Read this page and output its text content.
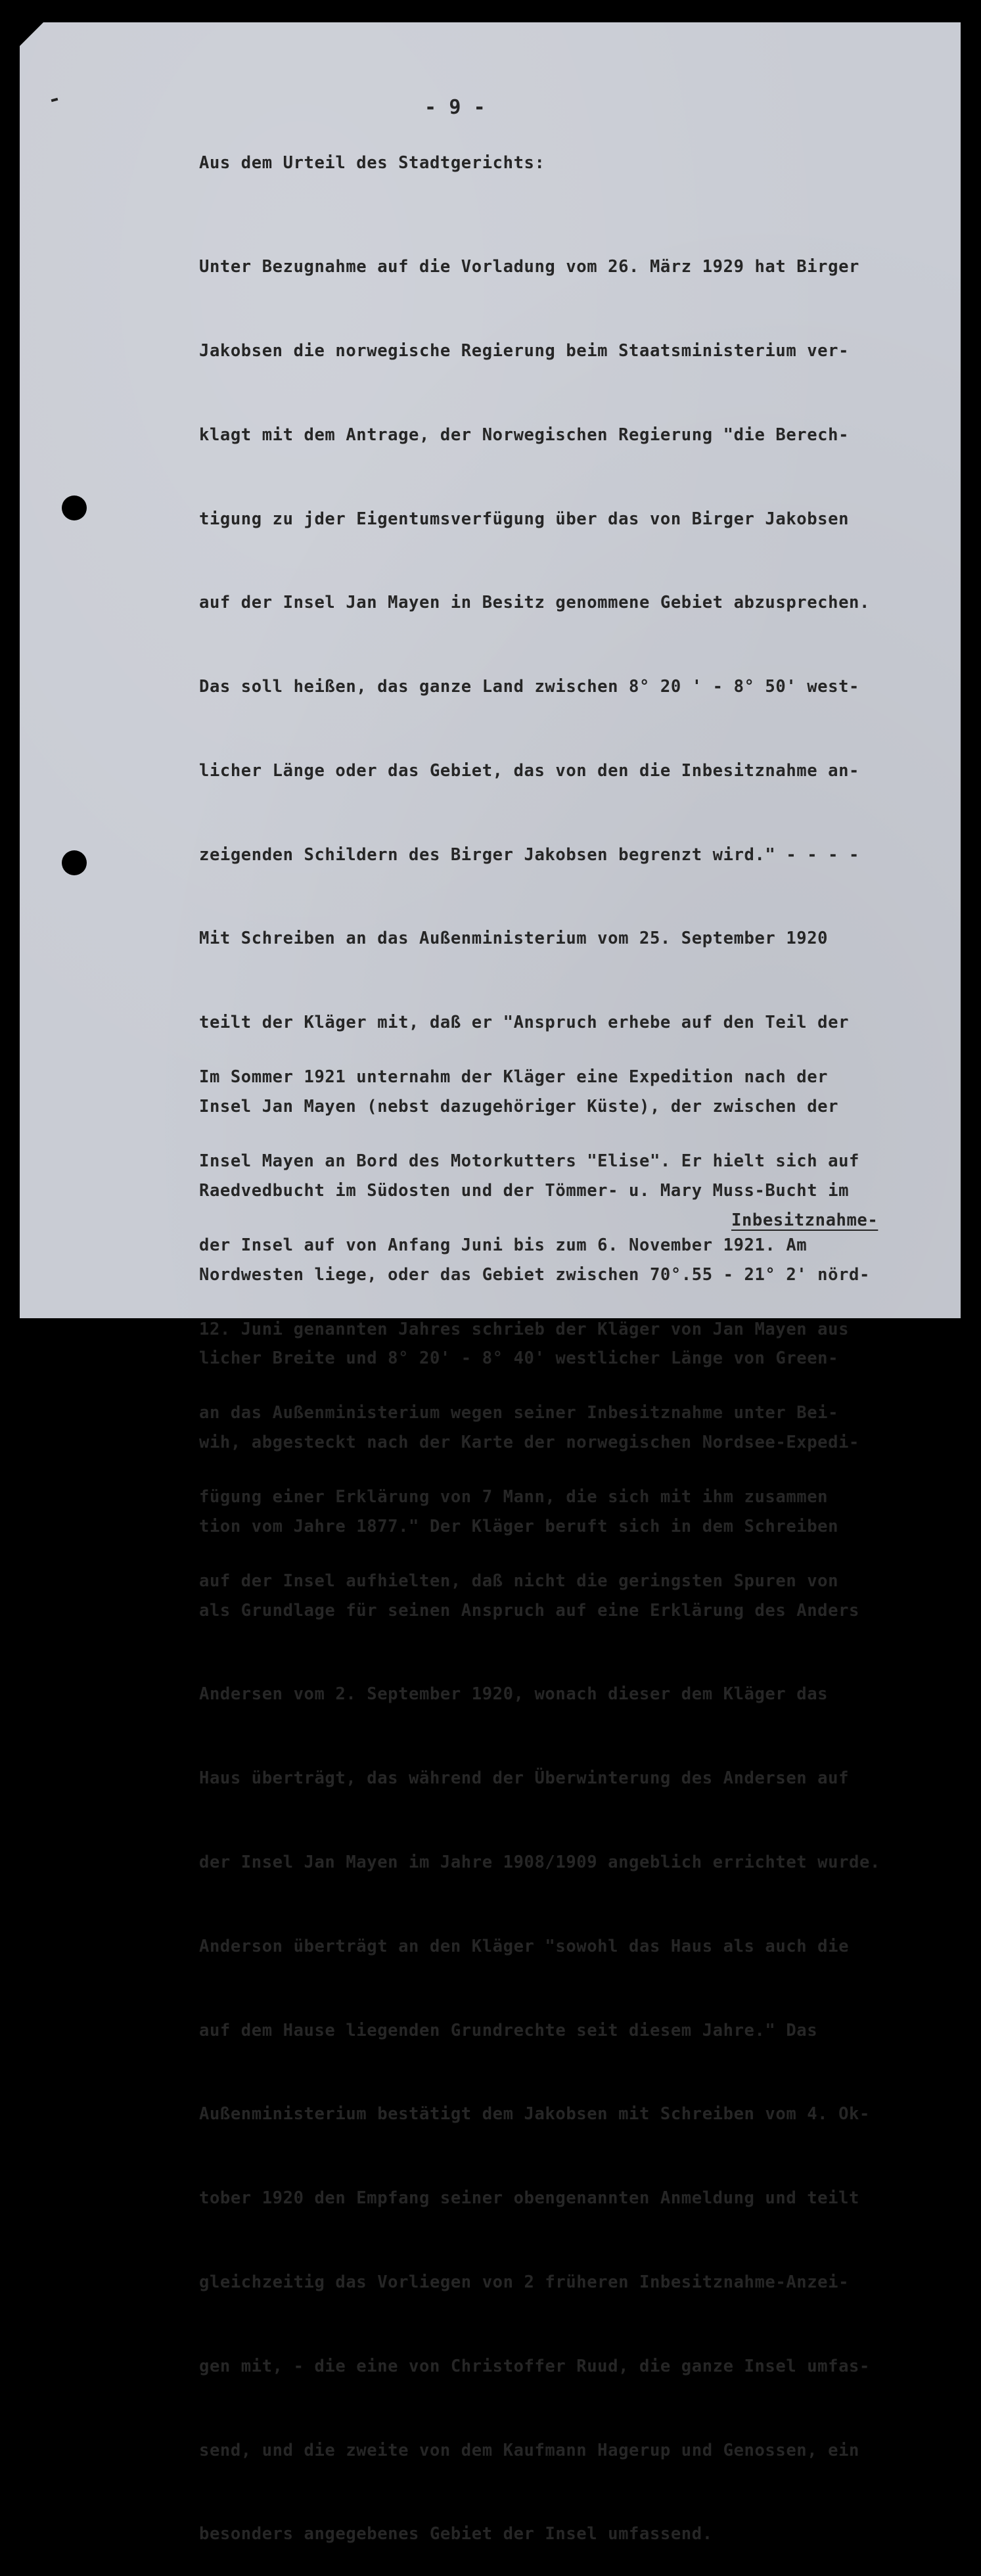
- 9 -
Aus dem Urteil des Stadtgerichts:

Unter Bezugnahme auf die Vorladung vom 26. März 1929 hat Birger

Jakobsen die norwegische Regierung beim Staatsministerium ver-

klagt mit dem Antrage, der Norwegischen Regierung "die Berech-

tigung zu jder Eigentumsverfügung über das von Birger Jakobsen

auf der Insel Jan Mayen in Besitz genommene Gebiet abzusprechen.

Das soll heißen, das ganze Land zwischen 8° 20 ' - 8° 50' west-

licher Länge oder das Gebiet, das von den die Inbesitznahme an-

zeigenden Schildern des Birger Jakobsen begrenzt wird." - - - -

Mit Schreiben an das Außenministerium vom 25. September 1920

teilt der Kläger mit, daß er "Anspruch erhebe auf den Teil der

Insel Jan Mayen (nebst dazugehöriger Küste), der zwischen der

Raedvedbucht im Südosten und der Tömmer- u. Mary Muss-Bucht im

Nordwesten liege, oder das Gebiet zwischen 70°.55 - 21° 2' nörd-

licher Breite und 8° 20' - 8° 40' westlicher Länge von Green-

wih, abgesteckt nach der Karte der norwegischen Nordsee-Expedi-

tion vom Jahre 1877." Der Kläger beruft sich in dem Schreiben

als Grundlage für seinen Anspruch auf eine Erklärung des Anders

Andersen vom 2. September 1920, wonach dieser dem Kläger das

Haus überträgt, das während der Überwinterung des Andersen auf

der Insel Jan Mayen im Jahre 1908/1909 angeblich errichtet wurde.

Anderson überträgt an den Kläger "sowohl das Haus als auch die

auf dem Hause liegenden Grundrechte seit diesem Jahre." Das

Außenministerium bestätigt dem Jakobsen mit Schreiben vom 4. Ok-

tober 1920 den Empfang seiner obengenannten Anmeldung und teilt

gleichzeitig das Vorliegen von 2 früheren Inbesitznahme-Anzei-

gen mit, - die eine von Christoffer Ruud, die ganze Insel umfas-

send, und die zweite von dem Kaufmann Hagerup und Genossen, ein

besonders angegebenes Gebiet der Insel umfassend.

Im Sommer 1921 unternahm der Kläger eine Expedition nach der

Insel Mayen an Bord des Motorkutters "Elise". Er hielt sich auf

der Insel auf von Anfang Juni bis zum 6. November 1921. Am

12. Juni genannten Jahres schrieb der Kläger von Jan Mayen aus

an das Außenministerium wegen seiner Inbesitznahme unter Bei-

fügung einer Erklärung von 7 Mann, die sich mit ihm zusammen

auf der Insel aufhielten, daß nicht die geringsten Spuren von

Inbesitznahme-
